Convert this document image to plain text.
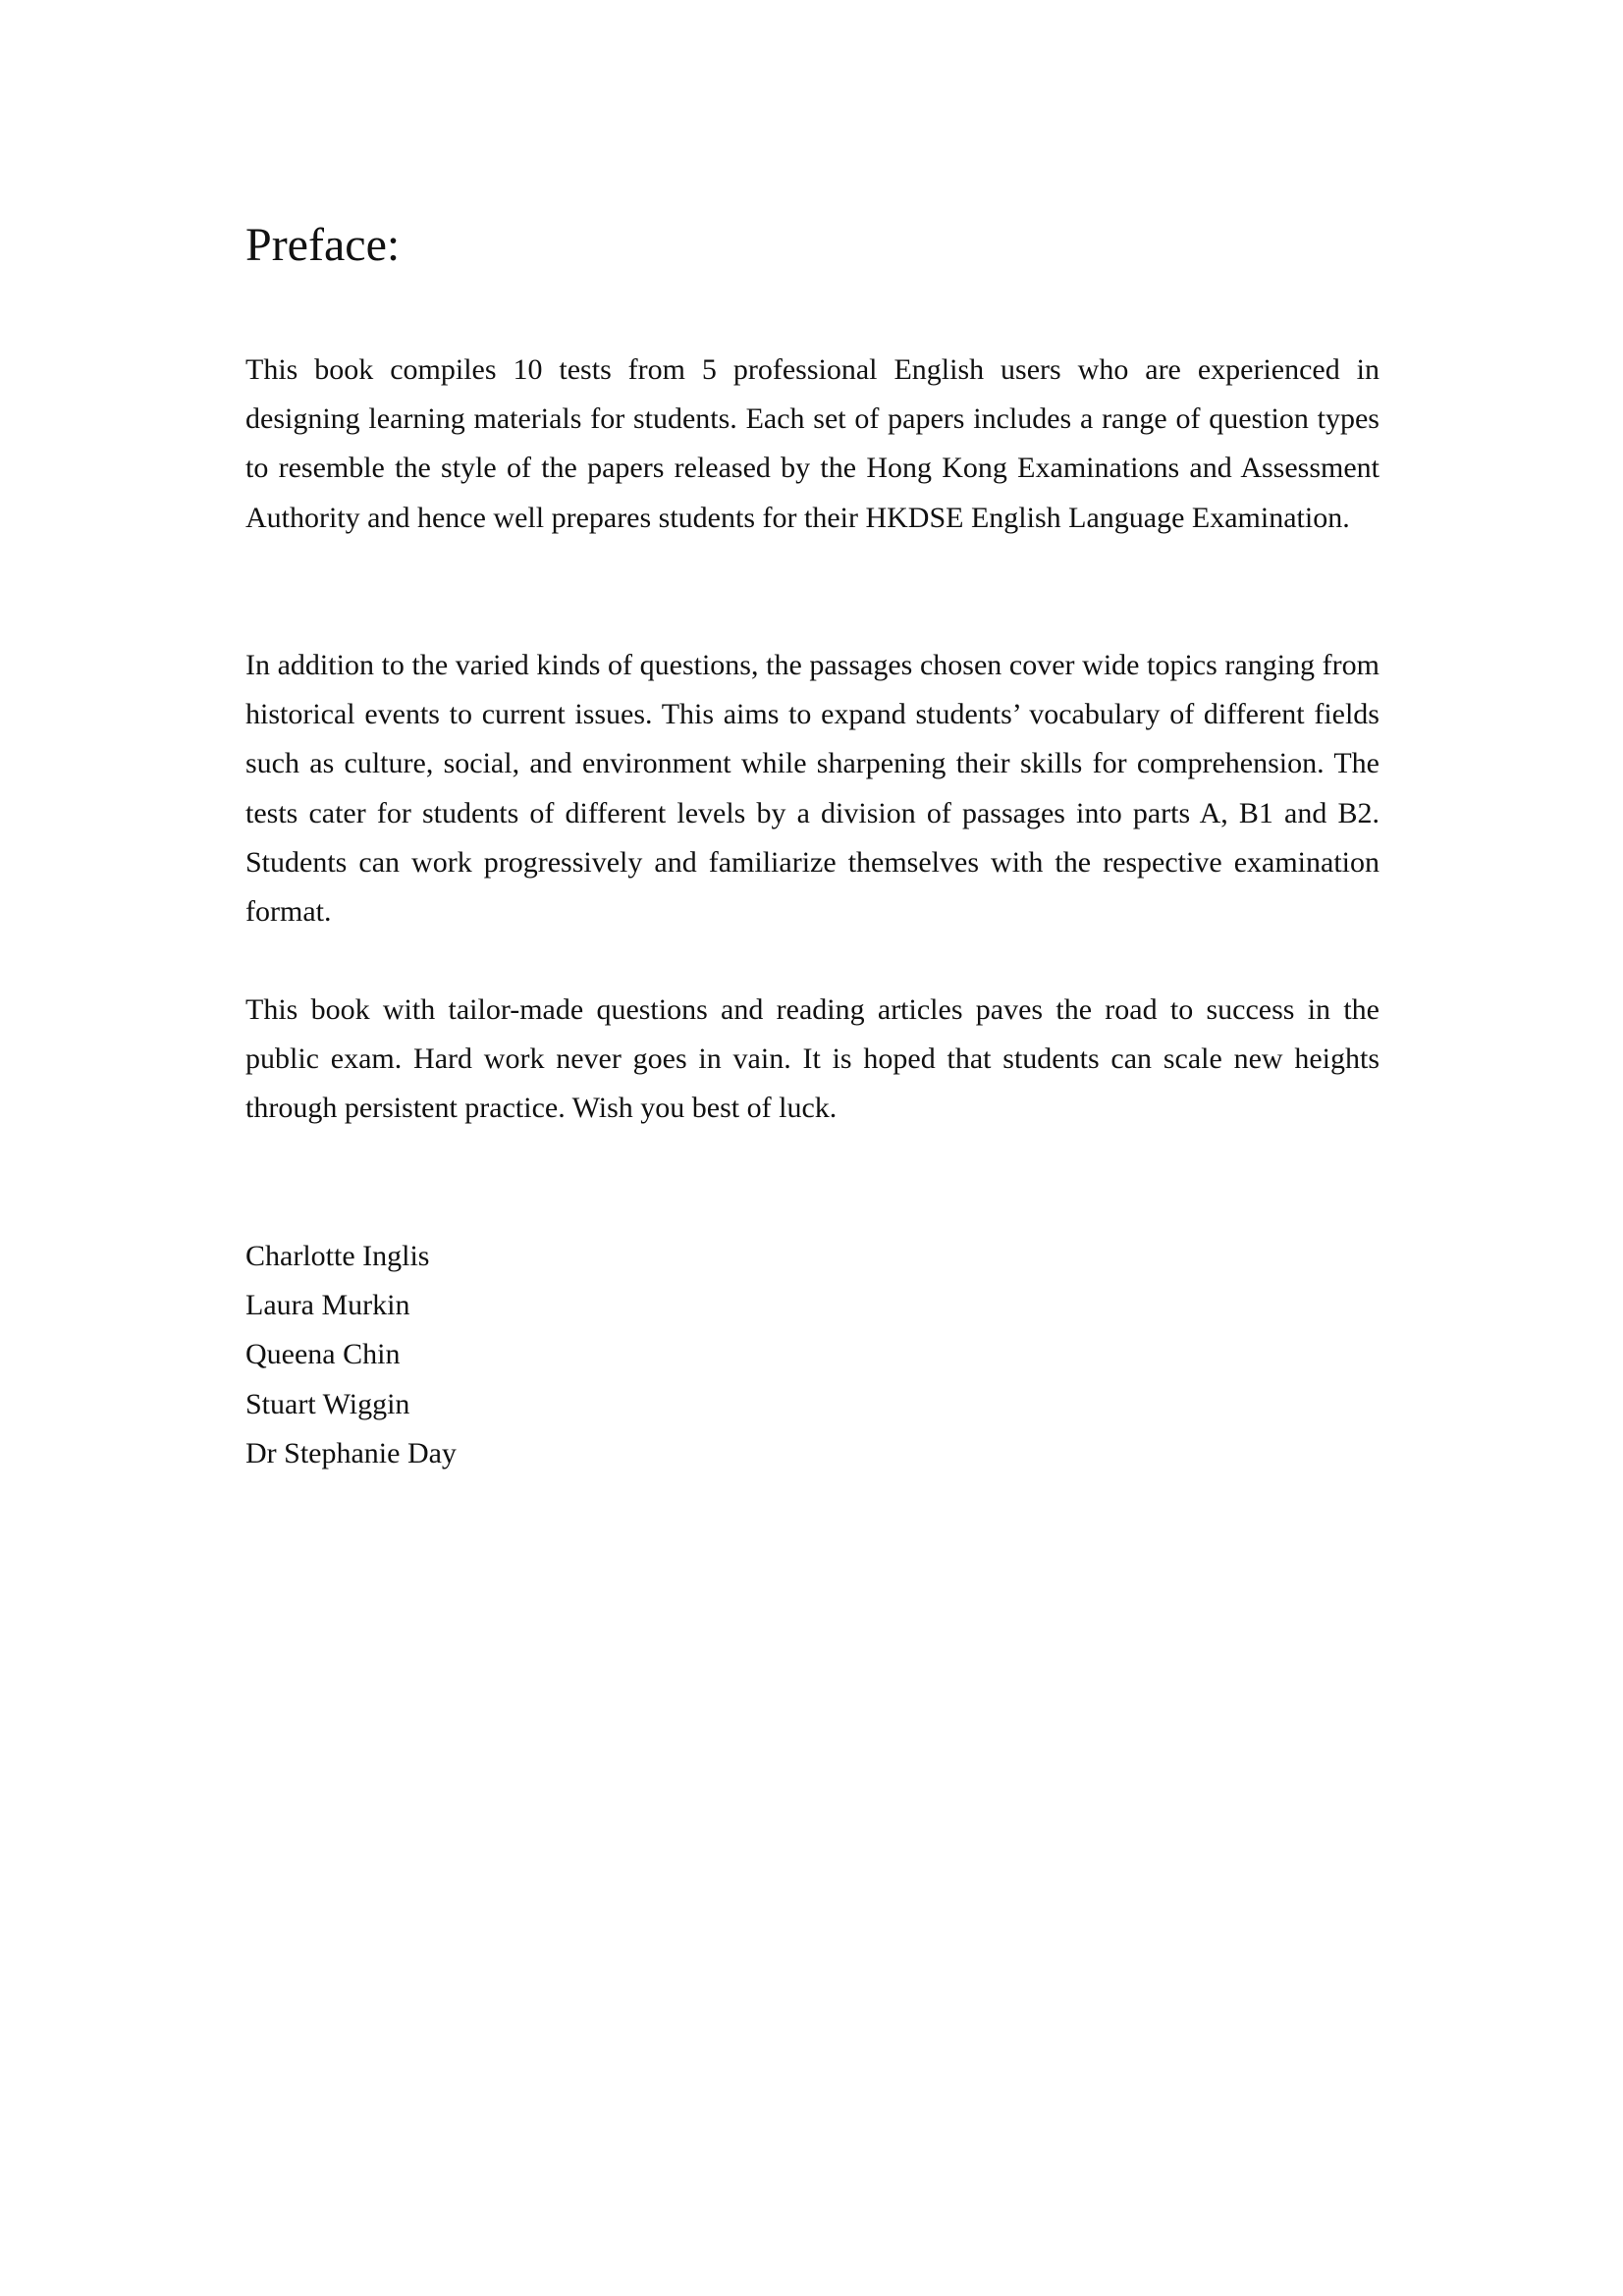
Preface:

This book compiles 10 tests from 5 professional English users who are experienced in designing learning materials for students. Each set of papers includes a range of question types to resemble the style of the papers released by the Hong Kong Examinations and Assessment Authority and hence well prepares students for their HKDSE English Language Examination.

In addition to the varied kinds of questions, the passages chosen cover wide topics ranging from historical events to current issues. This aims to expand students’ vocabulary of different fields such as culture, social, and environment while sharpening their skills for comprehension. The tests cater for students of different levels by a division of passages into parts A, B1 and B2. Students can work progressively and familiarize themselves with the respective examination format.

This book with tailor-made questions and reading articles paves the road to success in the public exam. Hard work never goes in vain. It is hoped that students can scale new heights through persistent practice. Wish you best of luck.

Charlotte Inglis
Laura Murkin
Queena Chin
Stuart Wiggin
Dr Stephanie Day
